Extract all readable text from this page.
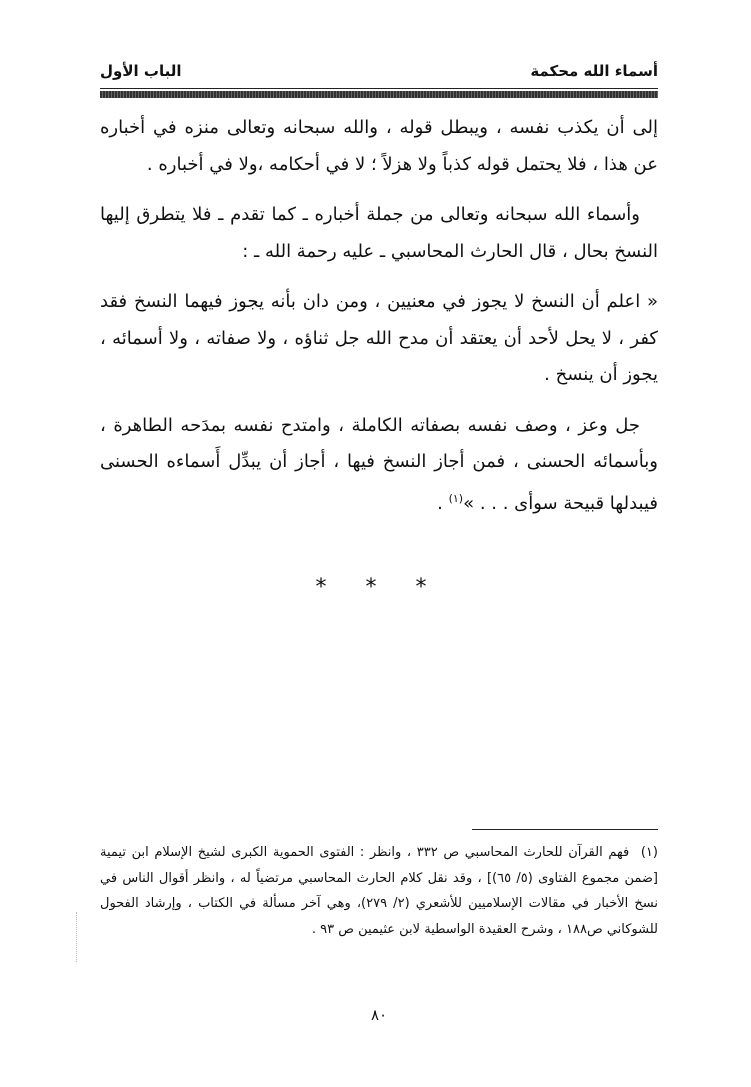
أسماء الله محكمة
الباب الأول

إلى أن يكذب نفسه ، ويبطل قوله ، والله سبحانه وتعالى منزه في أخباره عن هذا ، فلا يحتمل قوله كذباً ولا هزلاً ؛ لا في أحكامه ،ولا في أخباره .

وأسماء الله سبحانه وتعالى من جملة أخباره ـ كما تقدم ـ فلا يتطرق إليها النسخ بحال ، قال الحارث المحاسبي ـ عليه رحمة الله ـ :

« اعلم أن النسخ لا يجوز في معنيين ، ومن دان بأنه يجوز فيهما النسخ فقد كفر ، لا يحل لأحد أن يعتقد أن مدح الله جل ثناؤه ، ولا صفاته ، ولا أسمائه ، يجوز أن ينسخ .

جل وعز ، وصف نفسه بصفاته الكاملة ، وامتدح نفسه بمدَحه الطاهرة ، وبأسمائه الحسنى ، فمن أجاز النسخ فيها ، أجاز أن يبدِّل أَسماءه الحسنى فيبدلها قبيحة سوأى . . . »$^{(١)}$ .

* * *
(١) فهم القرآن للحارث المحاسبي ص ٣٣٢ ، وانظر : الفتوى الحموية الكبرى لشيخ الإسلام ابن تيمية [ضمن مجموع الفتاوى (٥/ ٦٥)] ، وقد نقل كلام الحارث المحاسبي مرتضياً له ، وانظر أقوال الناس في نسخ الأخبار في مقالات الإسلاميين للأشعري (٢/ ٢٧٩)، وهي آخر مسألة في الكتاب ، وإرشاد الفحول للشوكاني ص١٨٨ ، وشرح العقيدة الواسطية لابن عثيمين ص ٩٣ .
٨٠
